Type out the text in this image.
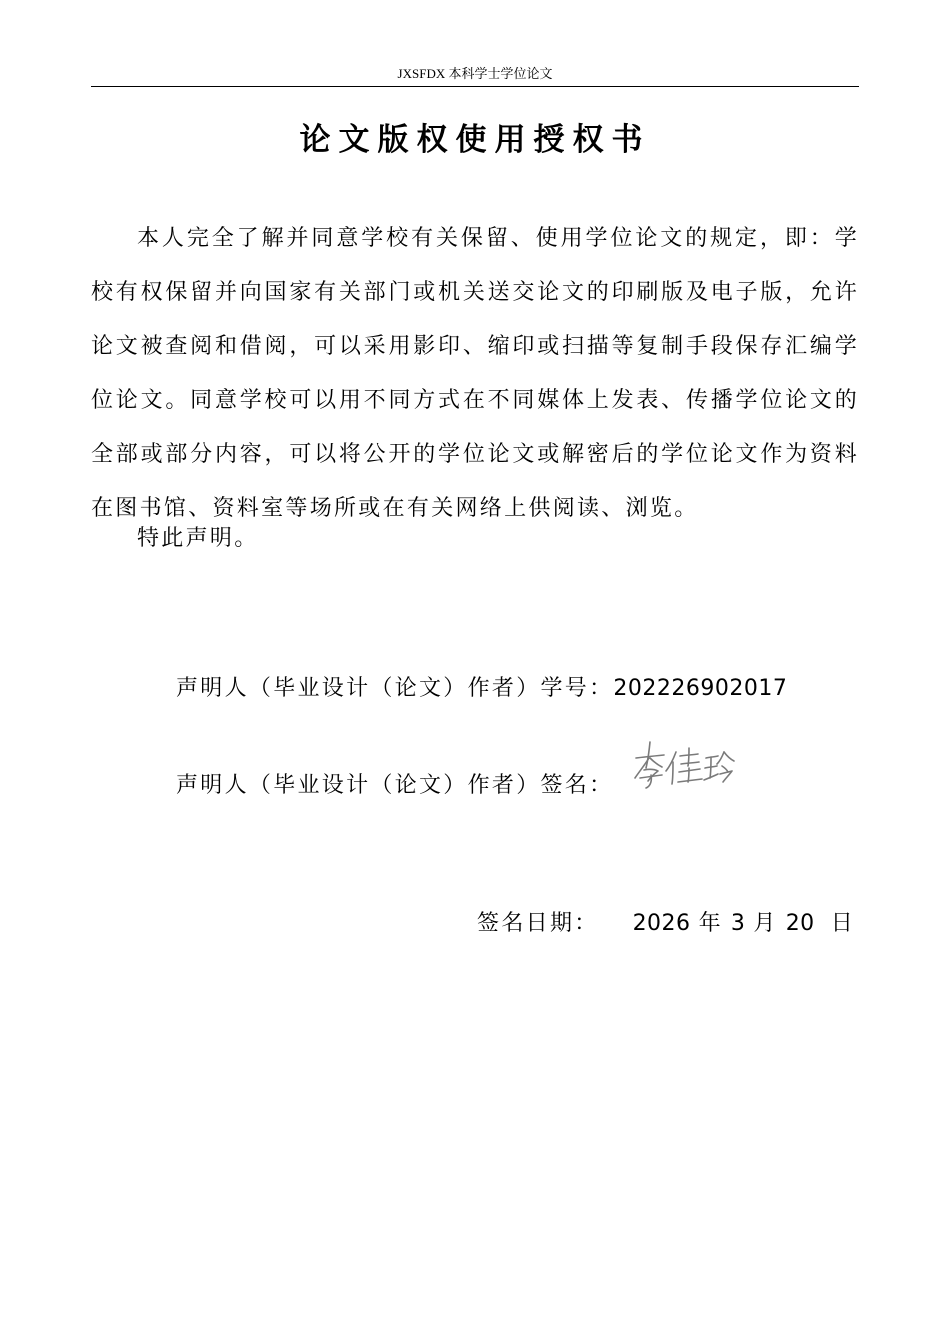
JXSFDX 本科学士学位论文
论文版权使用授权书
本人完全了解并同意学校有关保留、使用学位论文的规定，即：学校有权保留并向国家有关部门或机关送交论文的印刷版及电子版，允许论文被查阅和借阅，可以采用影印、缩印或扫描等复制手段保存汇编学位论文。同意学校可以用不同方式在不同媒体上发表、传播学位论文的全部或部分内容，可以将公开的学位论文或解密后的学位论文作为资料在图书馆、资料室等场所或在有关网络上供阅读、浏览。
特此声明。
声明人（毕业设计（论文）作者）学号：202226902017
声明人（毕业设计（论文）作者）签名：
签名日期： 2026 年 3 月 20 日
